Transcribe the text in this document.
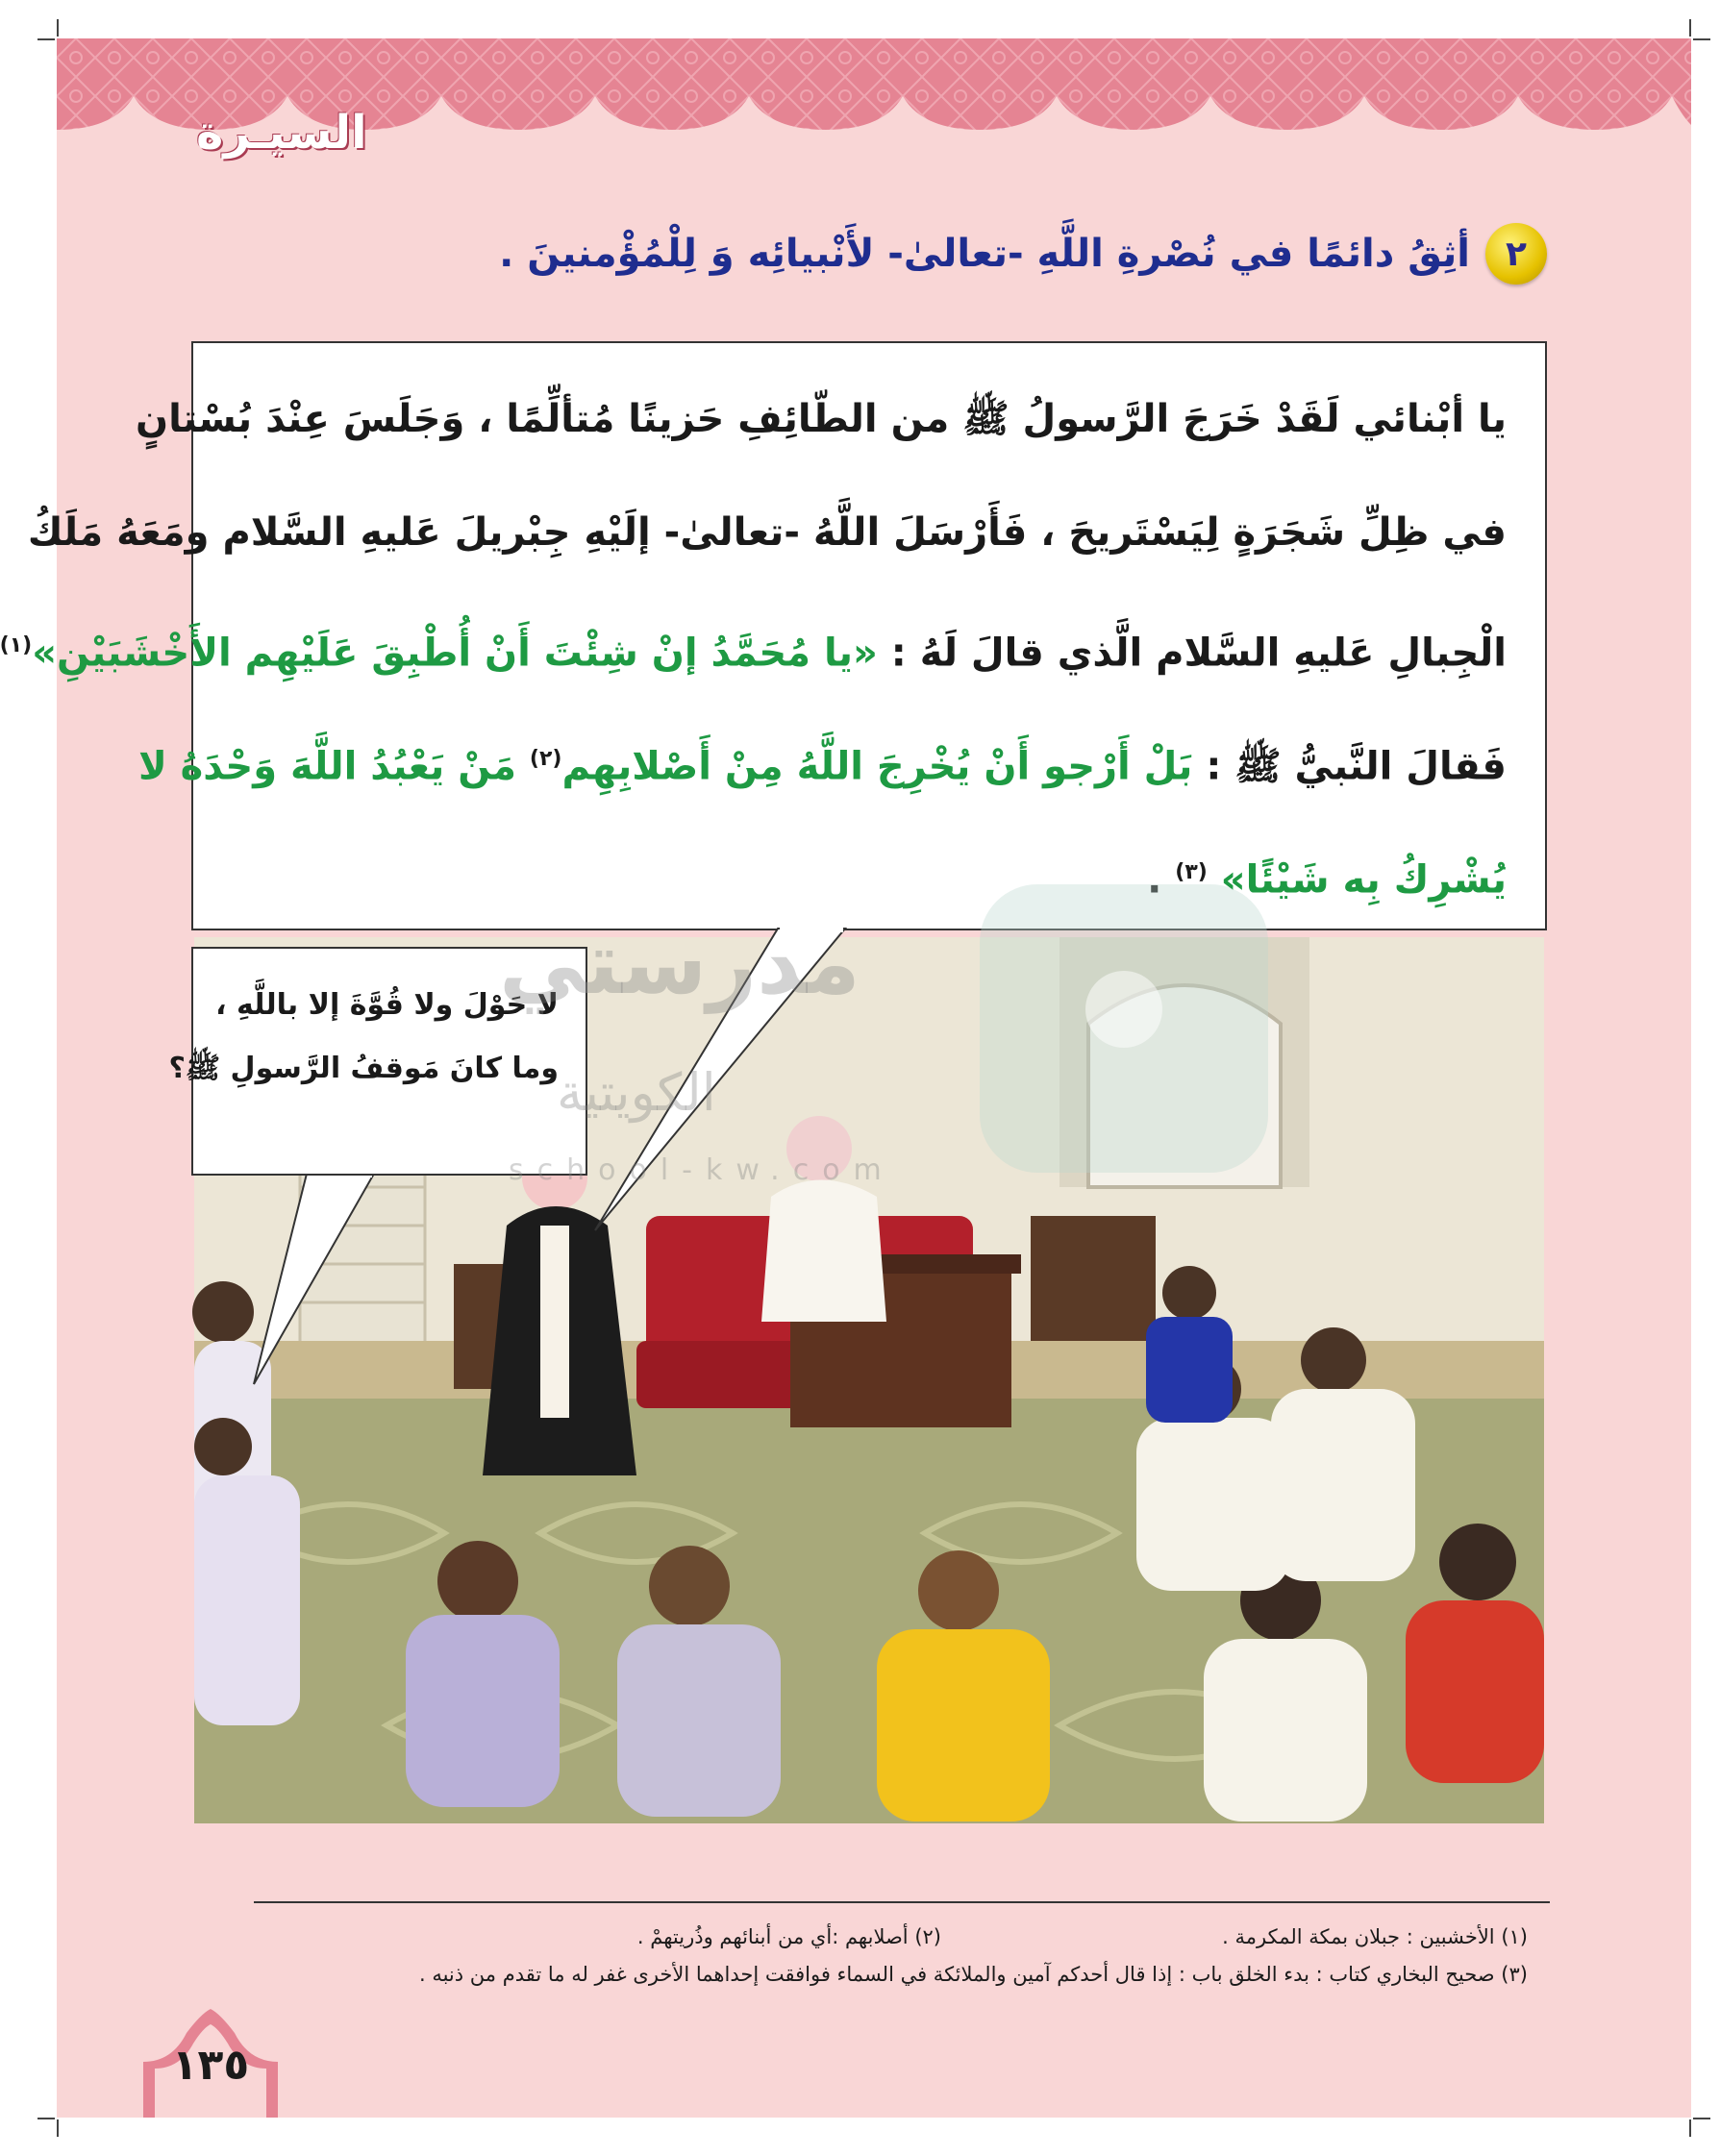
السيـرة
٢
أثِقُ دائمًا في نُصْرةِ اللَّهِ -تعالىٰ- لأَنْبيائِه وَ لِلْمُؤْمنينَ .

يا أبْنائي لَقَدْ خَرَجَ الرَّسولُ ﷺ من الطّائِفِ حَزينًا مُتألِّمًا ، وَجَلَسَ عِنْدَ بُسْتانٍ

في ظِلِّ شَجَرَةٍ لِيَسْتَريحَ ، فَأَرْسَلَ اللَّهُ -تعالىٰ- إلَيْهِ جِبْريلَ عَليهِ السَّلام ومَعَهُ مَلَكُ

الْجِبالِ عَليهِ السَّلام الَّذي قالَ لَهُ : «يا مُحَمَّدُ إنْ شِئْتَ أَنْ أُطْبِقَ عَلَيْهِم الأَخْشَبَيْنِ»$^{(١)}$

فَقالَ النَّبيُّ ﷺ : بَلْ أَرْجو أَنْ يُخْرِجَ اللَّهُ مِنْ أَصْلابِهِم$^{(٢)}$ مَنْ يَعْبُدُ اللَّهَ وَحْدَهُ لا

يُشْرِكُ بِه شَيْئًا» $^{(٣)}$ .

لا حَوْلَ ولا قُوَّةَ إلا باللَّهِ ،

وما كانَ مَوقفُ الرَّسولِ ﷺ؟

مدرستي
الكويتية
school-kw.com
(١) الأخشبين : جبلان بمكة المكرمة .
(٢) أصلابهم :أي من أبنائهم وذُريتهمْ .
(٣) صحيح البخاري كتاب : بدء الخلق باب : إذا قال أحدكم آمين والملائكة في السماء فوافقت إحداهما الأخرى غفر له ما تقدم من ذنبه .
١٣٥
